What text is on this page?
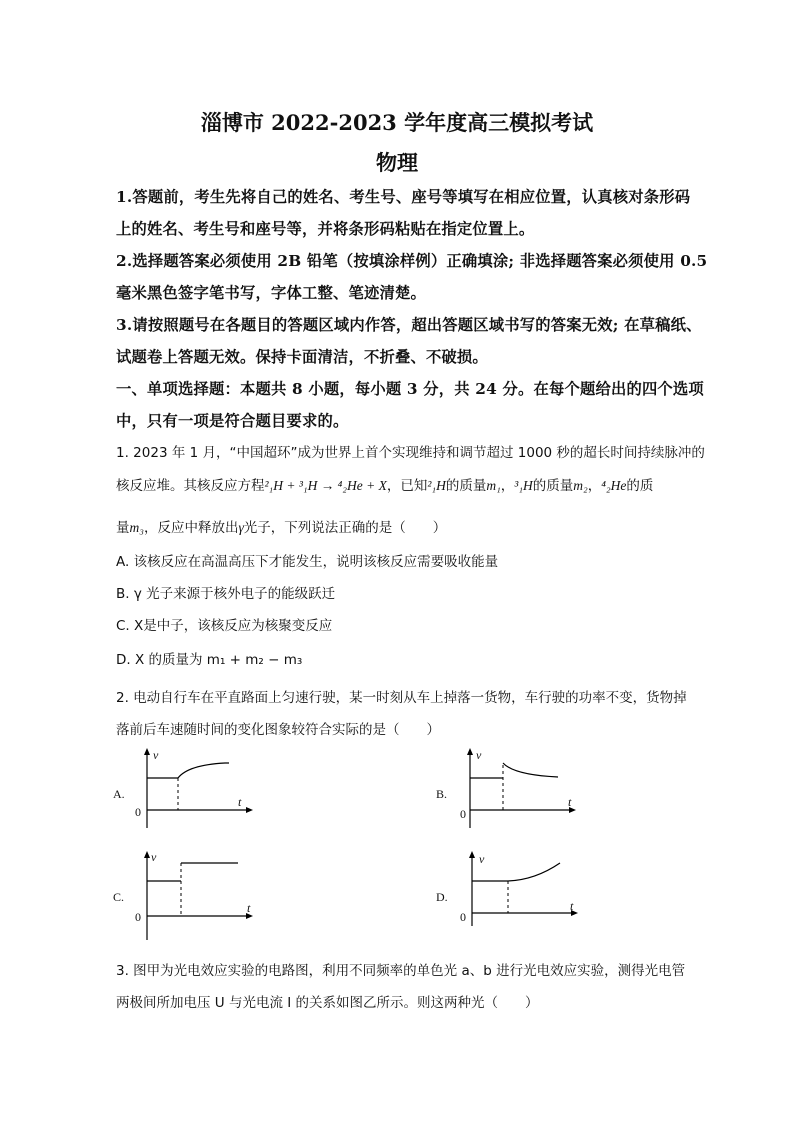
淄博市 2022-2023 学年度高三模拟考试
物理
1.答题前，考生先将自己的姓名、考生号、座号等填写在相应位置，认真核对条形码
上的姓名、考生号和座号等，并将条形码粘贴在指定位置上。
2.选择题答案必须使用 2B 铅笔（按填涂样例）正确填涂; 非选择题答案必须使用 0.5
毫米黑色签字笔书写，字体工整、笔迹清楚。
3.请按照题号在各题目的答题区域内作答，超出答题区域书写的答案无效; 在草稿纸、
试题卷上答题无效。保持卡面清洁，不折叠、不破损。
一、单项选择题：本题共 8 小题，每小题 3 分，共 24 分。在每个题给出的四个选项
中，只有一项是符合题目要求的。
1. 2023 年 1 月，“中国超环”成为世界上首个实现维持和调节超过 1000 秒的超长时间持续脉冲的
核反应堆。其核反应方程²₁H + ³₁H → ⁴₂He + X，已知²₁H的质量m₁，³₁H的质量m₂，⁴₂He的质
量m₃，反应中释放出γ光子，下列说法正确的是（　　）
A. 该核反应在高温高压下才能发生，说明该核反应需要吸收能量
B. γ 光子来源于核外电子的能级跃迁
C. X是中子，该核反应为核聚变反应
D. X 的质量为 m₁ + m₂ − m₃
2. 电动自行车在平直路面上匀速行驶，某一时刻从车上掉落一货物，车行驶的功率不变，货物掉
落前后车速随时间的变化图象较符合实际的是（　　）
A.
v
t
0
B.
v
t
0
C.
v
t
0
D.
v
t
0
3. 图甲为光电效应实验的电路图，利用不同频率的单色光 a、b 进行光电效应实验，测得光电管
两极间所加电压 U 与光电流 I 的关系如图乙所示。则这两种光（　　）
